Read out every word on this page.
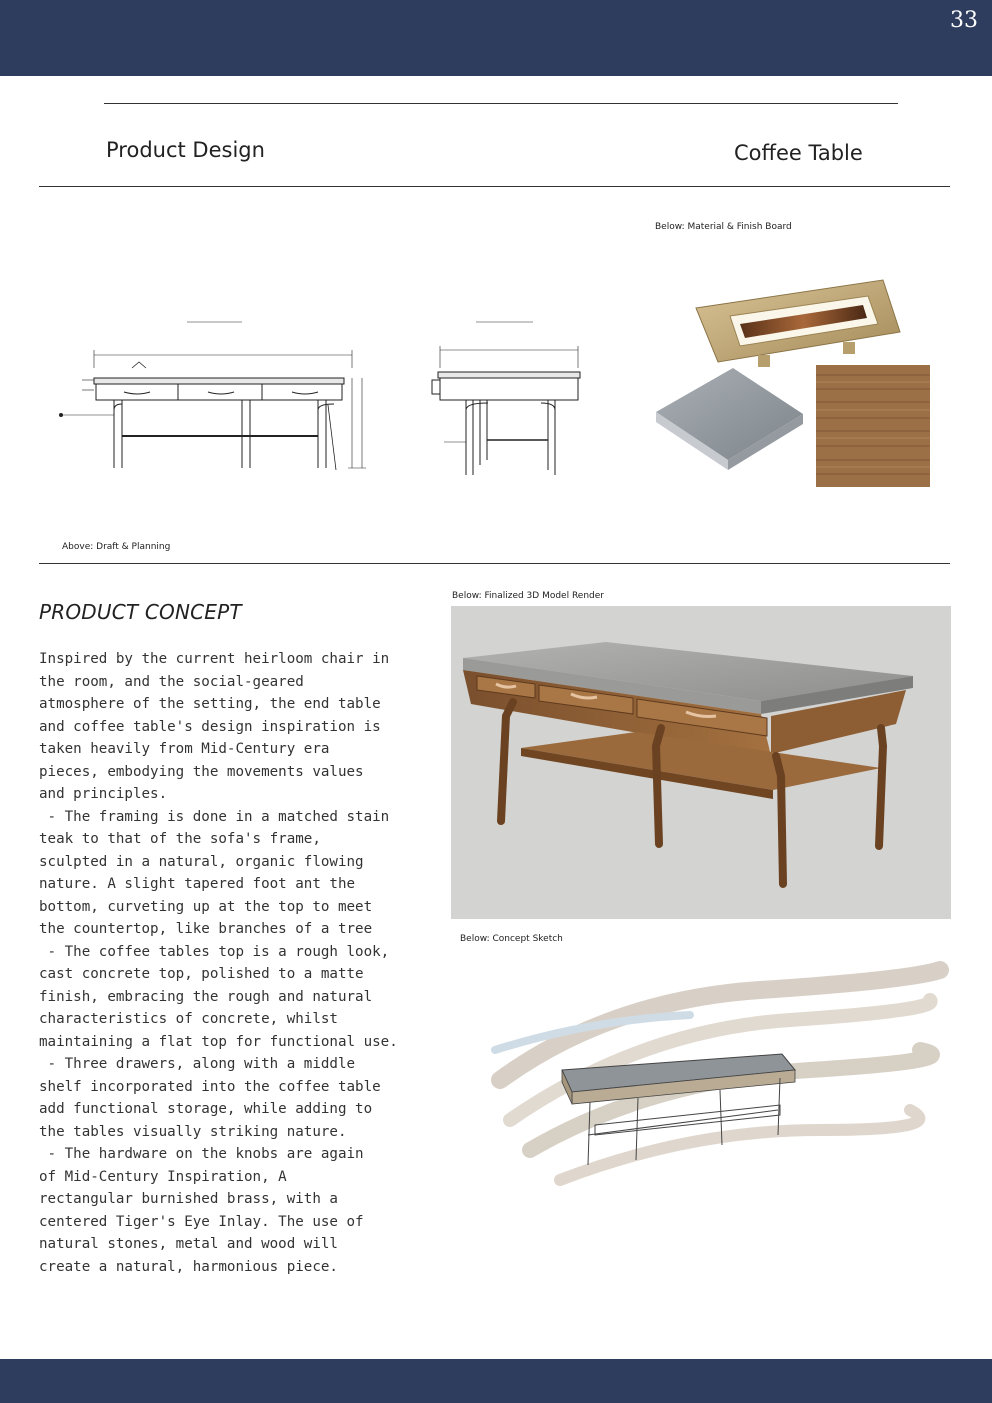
33
Product Design	Coffee Table
Below: Material & Finish Board
Above: Draft & Planning
PRODUCT CONCEPT
Inspired by the current heirloom chair in
the room, and the social-geared
atmosphere of the setting, the end table
and coffee table's design inspiration is
taken heavily from Mid-Century era
pieces, embodying the movements values
and principles.
- The framing is done in a matched stain
teak to that of the sofa's frame,
sculpted in a natural, organic flowing
nature. A slight tapered foot ant the
bottom, curveting up at the top to meet
the countertop, like branches of a tree
- The coffee tables top is a rough look,
cast concrete top, polished to a matte
finish, embracing the rough and natural
characteristics of concrete, whilst
maintaining a flat top for functional use.
- Three drawers, along with a middle
shelf incorporated into the coffee table
add functional storage, while adding to
the tables visually striking nature.
- The hardware on the knobs are again
of Mid-Century Inspiration, A
rectangular burnished brass, with a
centered Tiger's Eye Inlay. The use of
natural stones, metal and wood will
create a natural, harmonious piece.
Below: Finalized 3D Model Render
Below: Concept Sketch
